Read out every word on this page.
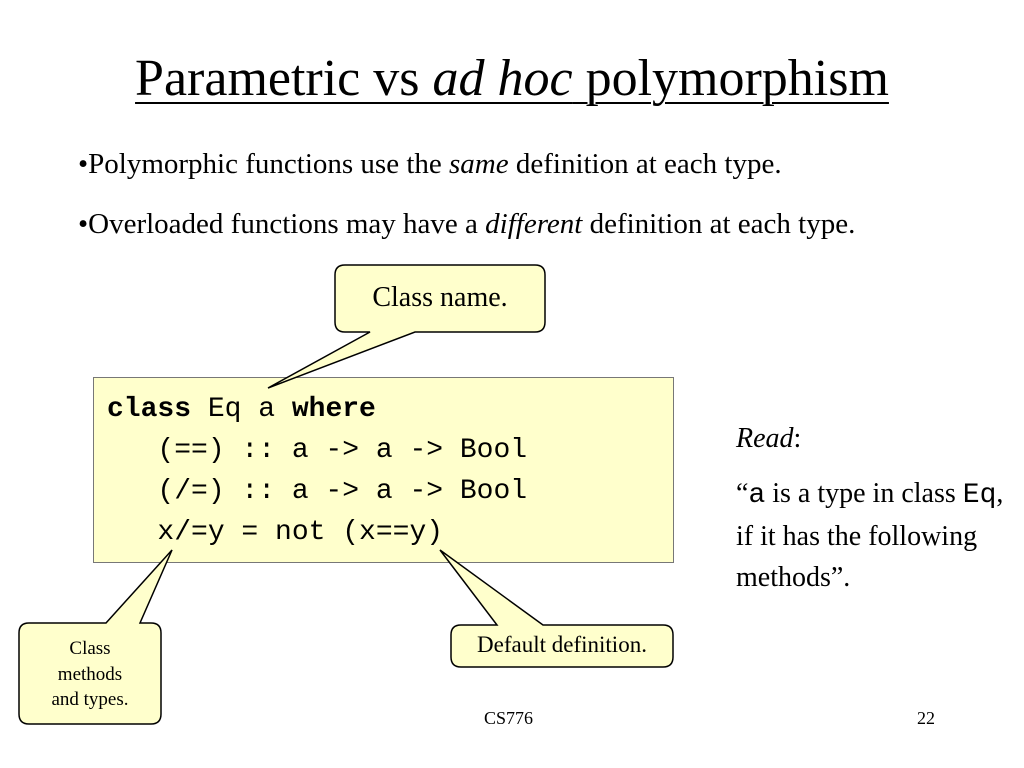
Parametric vs ad hoc polymorphism
•Polymorphic functions use the same definition at each type.
•Overloaded functions may have a different definition at each type.
class Eq a where
(==) :: a -> a -> Bool
(/=) :: a -> a -> Bool
x/=y = not (x==y)
Class name.
Class
methods
and types.
Default definition.

Read:

“a is a type in class Eq, if it has the following methods”.

CS776	22
